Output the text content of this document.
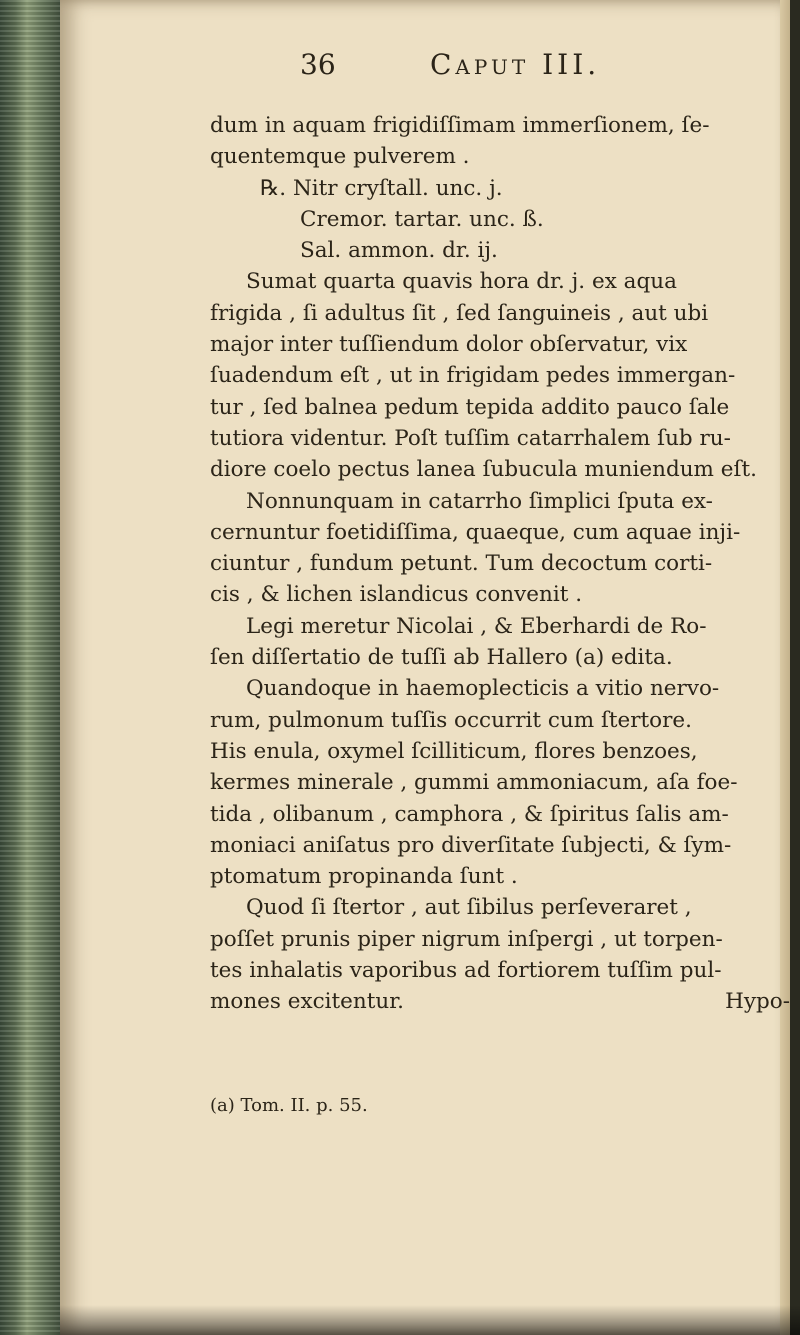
36	Caput III.
dum in aquam frigidiſſimam immerſionem, ſe-
quentemque pulverem .
℞. Nitr cryſtall. unc. j.
Cremor. tartar. unc. ß.
Sal. ammon. dr. ij.
Sumat quarta quavis hora dr. j. ex aqua
frigida , ſi adultus ſit , ſed ſanguineis , aut ubi
major inter tuſſiendum dolor obſervatur, vix
ſuadendum eſt , ut in frigidam pedes immergan-
tur , ſed balnea pedum tepida addito pauco ſale
tutiora videntur. Poſt tuſſim catarrhalem ſub ru-
diore coelo pectus lanea ſubucula muniendum eſt.
Nonnunquam in catarrho ſimplici ſputa ex-
cernuntur foetidiſſima, quaeque, cum aquae inji-
ciuntur , fundum petunt. Tum decoctum corti-
cis , & lichen islandicus convenit .
Legi meretur Nicolai , & Eberhardi de Ro-
ſen diſſertatio de tuſſi ab Hallero (a) edita.
Quandoque in haemoplecticis a vitio nervo-
rum, pulmonum tuſſis occurrit cum ſtertore.
His enula, oxymel ſcilliticum, flores benzoes,
kermes minerale , gummi ammoniacum, aſa foe-
tida , olibanum , camphora , & ſpiritus ſalis am-
moniaci aniſatus pro diverſitate ſubjecti, & ſym-
ptomatum propinanda ſunt .
Quod ſi ſtertor , aut ſibilus perſeveraret ,
poſſet prunis piper nigrum inſpergi , ut torpen-
tes inhalatis vaporibus ad fortiorem tuſſim pul-
mones excitentur.	Hypo-
(a) Tom. II. p. 55.
